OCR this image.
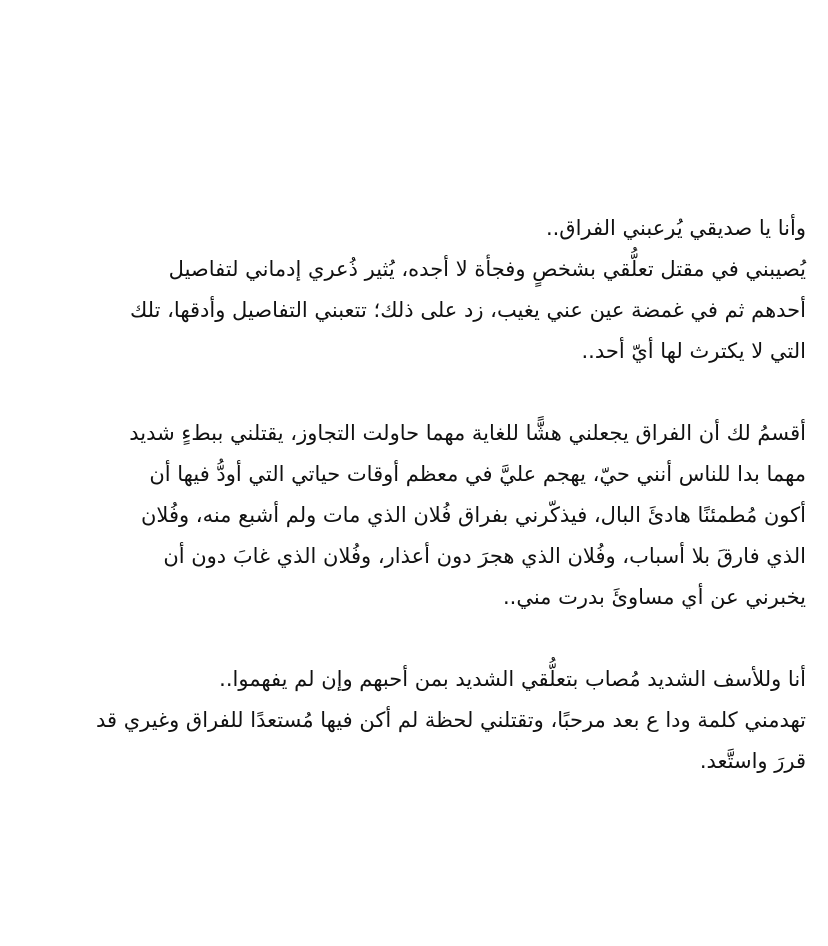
وأنا يا صديقي يُرعبني الفراق..
يُصيبني في مقتل تعلُّقي بشخصٍ وفجأة لا أجده، يُثير ذُعري إدماني لتفاصيل
أحدهم ثم في غمضة عين عني يغيب، زد على ذلك؛ تتعبني التفاصيل وأدقها، تلك
التي لا يكترث لها أيّ أحد..

أقسمُ لك أن الفراق يجعلني هشًّا للغاية مهما حاولت التجاوز، يقتلني ببطءٍ شديد
مهما بدا للناس أنني حيّ، يهجم عليَّ في معظم أوقات حياتي التي أودُّ فيها أن
أكون مُطمئنًا هادئَ البال، فيذكّرني بفراق فُلان الذي مات ولم أشبع منه، وفُلان
الذي فارقَ بلا أسباب، وفُلان الذي هجرَ دون أعذار، وفُلان الذي غابَ دون أن
يخبرني عن أي مساوئَ بدرت مني..

أنا وللأسف الشديد مُصاب بتعلُّقي الشديد بمن أحبهم وإن لم يفهموا..
تهدمني كلمة ودا ع بعد مرحبًا، وتقتلني لحظة لم أكن فيها مُستعدًا للفراق وغيري قد
قررَ واستَّعد.
